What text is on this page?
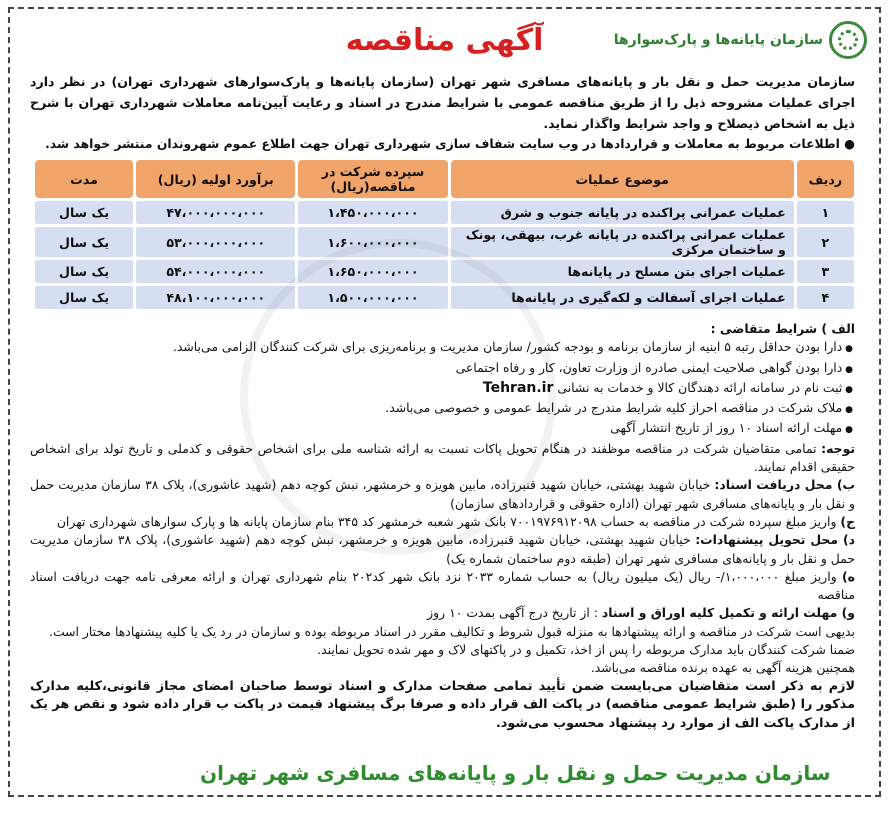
سازمان پایانه‌ها و پارک‌سوارها
آگهی مناقصه
سازمان مدیریت حمل و نقل بار و پایانه‌های مسافری شهر تهران (سازمان پایانه‌ها و پارک‌سوارهای شهرداری تهران) در نظر دارد اجرای عملیات مشروحه ذیل را از طریق مناقصه عمومی با شرایط مندرج در اسناد و رعایت آیین‌نامه معاملات شهرداری تهران با شرح ذیل به اشخاص ذیصلاح و واجد شرایط واگذار نماید.
● اطلاعات مربوط به معاملات و قراردادها در وب سایت شفاف سازی شهرداری تهران جهت اطلاع عموم شهروندان منتشر خواهد شد.
ردیف	موضوع عملیات	سپرده شرکت در مناقصه(ریال)	برآورد اولیه (ریال)	مدت
۱	عملیات عمرانی پراکنده در پایانه جنوب و شرق	۱،۴۵۰،۰۰۰،۰۰۰	۴۷،۰۰۰،۰۰۰،۰۰۰	یک سال
۲	عملیات عمرانی پراکنده در پایانه غرب، بیهقی، پونک و ساختمان مرکزی	۱،۶۰۰،۰۰۰،۰۰۰	۵۳،۰۰۰،۰۰۰،۰۰۰	یک سال
۳	عملیات اجرای بتن مسلح در پایانه‌ها	۱،۶۵۰،۰۰۰،۰۰۰	۵۴،۰۰۰،۰۰۰،۰۰۰	یک سال
۴	عملیات اجرای آسفالت و لکه‌گیری در پایانه‌ها	۱،۵۰۰،۰۰۰،۰۰۰	۴۸،۱۰۰،۰۰۰،۰۰۰	یک سال
الف ) شرایط متقاضی :
● دارا بودن حداقل رتبه ۵ ابنیه از سازمان برنامه و بودجه کشور/ سازمان مدیریت و برنامه‌ریزی برای شرکت کنندگان الزامی می‌باشد.
● دارا بودن گواهی صلاحیت ایمنی صادره از وزارت تعاون، کار و رفاه اجتماعی
● ثبت نام در سامانه ارائه دهندگان کالا و خدمات به نشانی Tehran.ir
● ملاک شرکت در مناقصه احراز کلیه شرایط مندرج در شرایط عمومی و خصوصی می‌باشد.
● مهلت ارائه اسناد ۱۰ روز از تاریخ انتشار آگهی
توجه: تمامی متقاضیان شرکت در مناقصه موظفند در هنگام تحویل پاکات نسبت به ارائه شناسه ملی برای اشخاص حقوقی و کدملی و تاریخ تولد برای اشخاص حقیقی اقدام نمایند.
ب) محل دریافت اسناد: خیابان شهید بهشتی، خیابان شهید قنبرزاده، مابین هویزه و خرمشهر، نبش کوچه دهم (شهید عاشوری)، پلاک ۳۸ سازمان مدیریت حمل و نقل بار و پایانه‌های مسافری شهر تهران (اداره حقوقی و قراردادهای سازمان)
ج) واریز مبلغ سپرده شرکت در مناقصه به حساب ۷۰۰۱۹۷۶۹۱۲۰۹۸ بانک شهر شعبه خرمشهر کد ۳۴۵ بنام سازمان پایانه ها و پارک سوارهای شهرداری تهران
د) محل تحویل پیشنهادات: خیابان شهید بهشتی، خیابان شهید قنبرزاده، مابین هویزه و خرمشهر، نبش کوچه دهم (شهید عاشوری)، پلاک ۳۸ سازمان مدیریت حمل و نقل بار و پایانه‌های مسافری شهر تهران (طبقه دوم ساختمان شماره یک)
ه) واریز مبلغ ۱،۰۰۰،۰۰۰/- ریال (یک میلیون ریال) به حساب شماره ۲۰۳۳ نزد بانک شهر کد۲۰۲ بنام شهرداری تهران و ارائه معرفی نامه جهت دریافت اسناد مناقصه
و) مهلت ارائه و تکمیل کلیه اوراق و اسناد : از تاریخ درج آگهی بمدت ۱۰ روز
بدیهی است شرکت در مناقصه و ارائه پیشنهادها به منزله قبول شروط و تکالیف مقرر در اسناد مربوطه بوده و سازمان در رد یک یا کلیه پیشنهادها مختار است.
ضمنا شرکت کنندگان باید مدارک مربوطه را پس از اخذ، تکمیل و در پاکتهای لاک و مهر شده تحویل نمایند.
همچنین هزینه آگهی به عهده برنده مناقصه می‌باشد.
لازم به ذکر است متقاضیان می‌بایست ضمن تأیید تمامی صفحات مدارک و اسناد توسط صاحبان امضای مجاز قانونی،کلیه مدارک مذکور را (طبق شرایط عمومی مناقصه) در پاکت الف قرار داده و صرفا برگ پیشنهاد قیمت در پاکت ب قرار داده شود و نقص هر یک از مدارک پاکت الف از موارد رد پیشنهاد محسوب می‌شود.
سازمان مدیریت حمل و نقل بار و پایانه‌های مسافری شهر تهران
